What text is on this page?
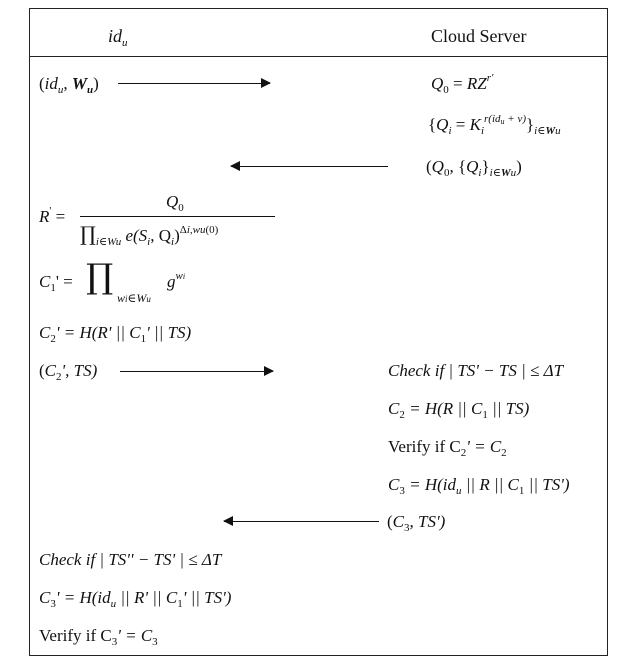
$id_u$	Cloud Server
($id_u$, $W_u$)	$Q_0 = RZ^{r'}$
$\{Q_i = K_i^{r(idu + v)}\}_{i\in Wu}$
($Q_0$, $\{Q_i\}_{i\in Wu}$)
R' =
$Q_0$
$\prod_{i\in Wu}$ $e(S_i$, $Q_i)^{\Delta i,wu(0)}$
$C_1'$ = ∏
wi∈Wu
$g^{wi}$
$C_2' = H(R'$ || $C_1'$ || TS)
($C_2'$, TS)	Check if | TS' − TS | ≤ ΔT
$C_2 = H(R$ || $C_1$ || TS)
Verify if $C_2' = C_2$
$C_3 = H(id_u$ || R || $C_1$ || TS')
($C_3$, TS')
Check if | TS'' − TS' | ≤ ΔT
$C_3' = H(id_u$ || R' || $C_1'$ || TS')
Verify if $C_3' = C_3$
